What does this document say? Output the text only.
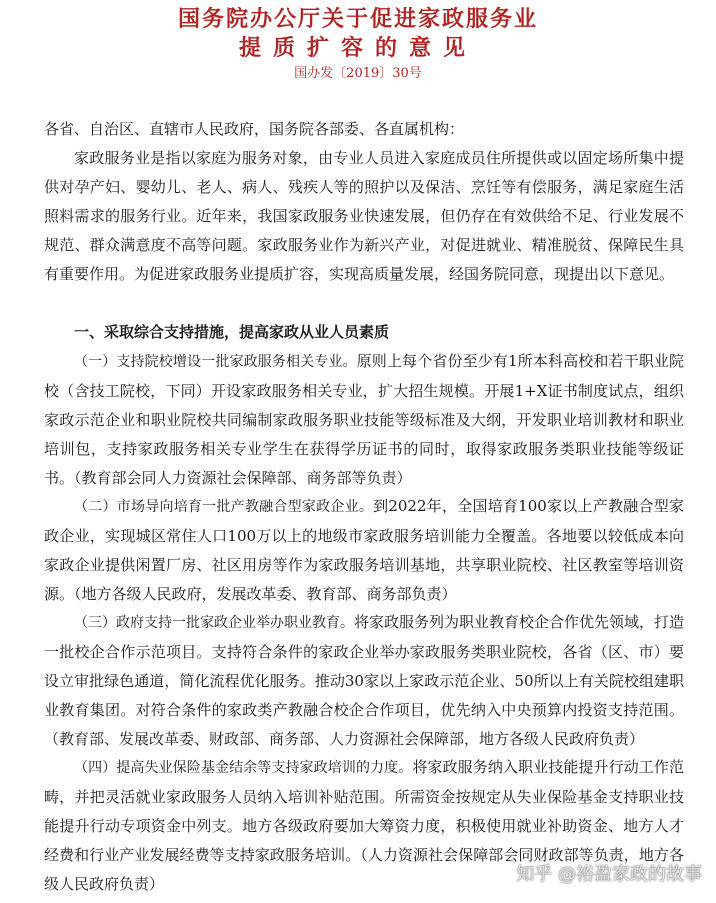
国务院办公厅关于促进家政服务业
提质扩容的意见
国办发〔2019〕30号

各省、自治区、直辖市人民政府，国务院各部委、各直属机构：

家政服务业是指以家庭为服务对象，由专业人员进入家庭成员住所提供或以固定场所集中提供对孕产妇、婴幼儿、老人、病人、残疾人等的照护以及保洁、烹饪等有偿服务，满足家庭生活照料需求的服务行业。近年来，我国家政服务业快速发展，但仍存在有效供给不足、行业发展不规范、群众满意度不高等问题。家政服务业作为新兴产业，对促进就业、精准脱贫、保障民生具有重要作用。为促进家政服务业提质扩容，实现高质量发展，经国务院同意，现提出以下意见。

一、采取综合支持措施，提高家政从业人员素质

（一）支持院校增设一批家政服务相关专业。原则上每个省份至少有1所本科高校和若干职业院校（含技工院校，下同）开设家政服务相关专业，扩大招生规模。开展1+X证书制度试点，组织家政示范企业和职业院校共同编制家政服务职业技能等级标准及大纲，开发职业培训教材和职业培训包，支持家政服务相关专业学生在获得学历证书的同时，取得家政服务类职业技能等级证书。（教育部会同人力资源社会保障部、商务部等负责）

（二）市场导向培育一批产教融合型家政企业。到2022年，全国培育100家以上产教融合型家政企业，实现城区常住人口100万以上的地级市家政服务培训能力全覆盖。各地要以较低成本向家政企业提供闲置厂房、社区用房等作为家政服务培训基地，共享职业院校、社区教室等培训资源。（地方各级人民政府，发展改革委、教育部、商务部负责）

（三）政府支持一批家政企业举办职业教育。将家政服务列为职业教育校企合作优先领域，打造一批校企合作示范项目。支持符合条件的家政企业举办家政服务类职业院校，各省（区、市）要设立审批绿色通道，简化流程优化服务。推动30家以上家政示范企业、50所以上有关院校组建职业教育集团。对符合条件的家政类产教融合校企合作项目，优先纳入中央预算内投资支持范围。（教育部、发展改革委、财政部、商务部、人力资源社会保障部，地方各级人民政府负责）

（四）提高失业保险基金结余等支持家政培训的力度。将家政服务纳入职业技能提升行动工作范畴，并把灵活就业家政服务人员纳入培训补贴范围。所需资金按规定从失业保险基金支持职业技能提升行动专项资金中列支。地方各级政府要加大筹资力度，积极使用就业补助资金、地方人才经费和行业产业发展经费等支持家政服务培训。（人力资源社会保障部会同财政部等负责，地方各级人民政府负责）	知乎 @裕盈家政的故事
